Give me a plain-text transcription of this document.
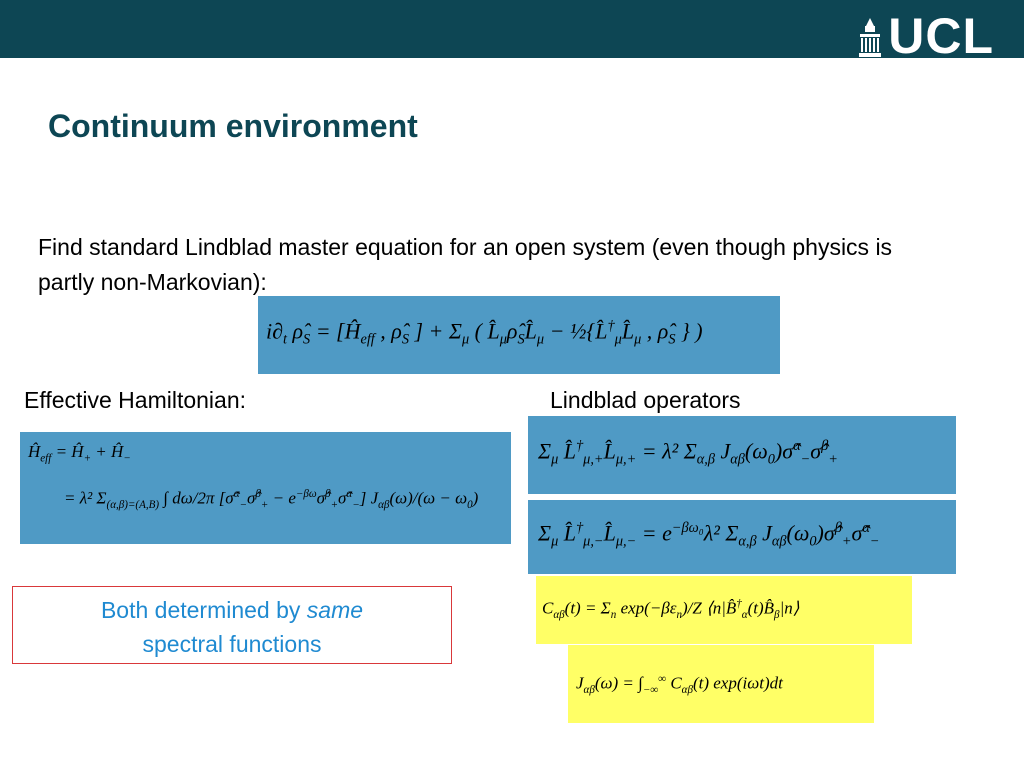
UCL
Continuum environment
Find standard Lindblad master equation for an open system (even though physics is partly non-Markovian):
$i\partial_t$ $\rhô_S$ = [$Ĥ_{eff}$ , $\rhô_S$ ] + $\Sigma_\mu$ ( $L̂_\mu\rhô_SL̂_\mu$ − $\frac{1}{2}\{L̂^\dagger_\mu L̂_\mu$ , $\rhô_S$ } )
Effective Hamiltonian:	Lindblad operators
$Ĥ_{eff}$ = $Ĥ_+$ + $Ĥ_-$
= λ² $\Sigma_{(\alpha,\beta)=(A,B)}$ ∫ dω/2π [σ̂$^\alpha_-$σ̂$^\beta_+$ − $e^{-\beta\omega}\sigmâ^\beta_+\sigmâ^\alpha_-$] $J_{\alpha\beta}(\omega)/(\omega - \omega_0)$
$\Sigma_\mu$ $L̂^\dagger_{\mu,+}L̂_{\mu,+} = \lambda^2$ $\Sigma_{\alpha,\beta}$ $J_{\alpha\beta}(\omega_0)\sigmâ^\alpha_-\sigmâ^\beta_+$
$\Sigma_\mu$ $L̂^\dagger_{\mu,-}L̂_{\mu,-} = e^{-\beta\omega_0}\lambda^2$ $\Sigma_{\alpha,\beta}$ $J_{\alpha\beta}(\omega_0)\sigmâ^\beta_+\sigmâ^\alpha_-$
$C_{\alpha\beta}(t) = \Sigma_n$ $\exp(-\beta\varepsilon_n)/Z$ $⟨n|B̂^\dagger_\alpha(t)B̂_\beta|n⟩$
$J_{\alpha\beta}(\omega) = \int_{-\infty}^\infty$ $C_{\alpha\beta}(t)$ exp(iωt)dt
Both determined by same
spectral functions
